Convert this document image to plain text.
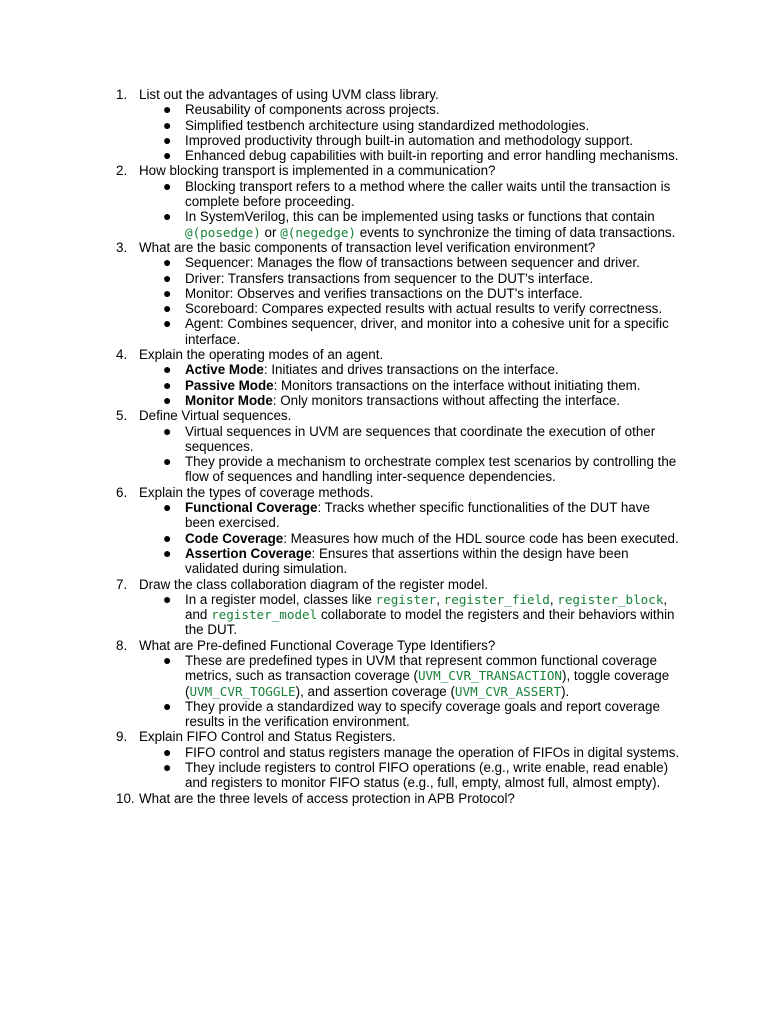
1. List out the advantages of using UVM class library.
● Reusability of components across projects.
● Simplified testbench architecture using standardized methodologies.
● Improved productivity through built-in automation and methodology support.
● Enhanced debug capabilities with built-in reporting and error handling mechanisms.
2. How blocking transport is implemented in a communication?
● Blocking transport refers to a method where the caller waits until the transaction is complete before proceeding.
● In SystemVerilog, this can be implemented using tasks or functions that contain @(posedge) or @(negedge) events to synchronize the timing of data transactions.
3. What are the basic components of transaction level verification environment?
● Sequencer: Manages the flow of transactions between sequencer and driver.
● Driver: Transfers transactions from sequencer to the DUT's interface.
● Monitor: Observes and verifies transactions on the DUT's interface.
● Scoreboard: Compares expected results with actual results to verify correctness.
● Agent: Combines sequencer, driver, and monitor into a cohesive unit for a specific interface.
4. Explain the operating modes of an agent.
● Active Mode: Initiates and drives transactions on the interface.
● Passive Mode: Monitors transactions on the interface without initiating them.
● Monitor Mode: Only monitors transactions without affecting the interface.
5. Define Virtual sequences.
● Virtual sequences in UVM are sequences that coordinate the execution of other sequences.
● They provide a mechanism to orchestrate complex test scenarios by controlling the flow of sequences and handling inter-sequence dependencies.
6. Explain the types of coverage methods.
● Functional Coverage: Tracks whether specific functionalities of the DUT have been exercised.
● Code Coverage: Measures how much of the HDL source code has been executed.
● Assertion Coverage: Ensures that assertions within the design have been validated during simulation.
7. Draw the class collaboration diagram of the register model.
● In a register model, classes like register, register_field, register_block, and register_model collaborate to model the registers and their behaviors within the DUT.
8. What are Pre-defined Functional Coverage Type Identifiers?
● These are predefined types in UVM that represent common functional coverage metrics, such as transaction coverage (UVM_CVR_TRANSACTION), toggle coverage (UVM_CVR_TOGGLE), and assertion coverage (UVM_CVR_ASSERT).
● They provide a standardized way to specify coverage goals and report coverage results in the verification environment.
9. Explain FIFO Control and Status Registers.
● FIFO control and status registers manage the operation of FIFOs in digital systems.
● They include registers to control FIFO operations (e.g., write enable, read enable) and registers to monitor FIFO status (e.g., full, empty, almost full, almost empty).
10. What are the three levels of access protection in APB Protocol?
